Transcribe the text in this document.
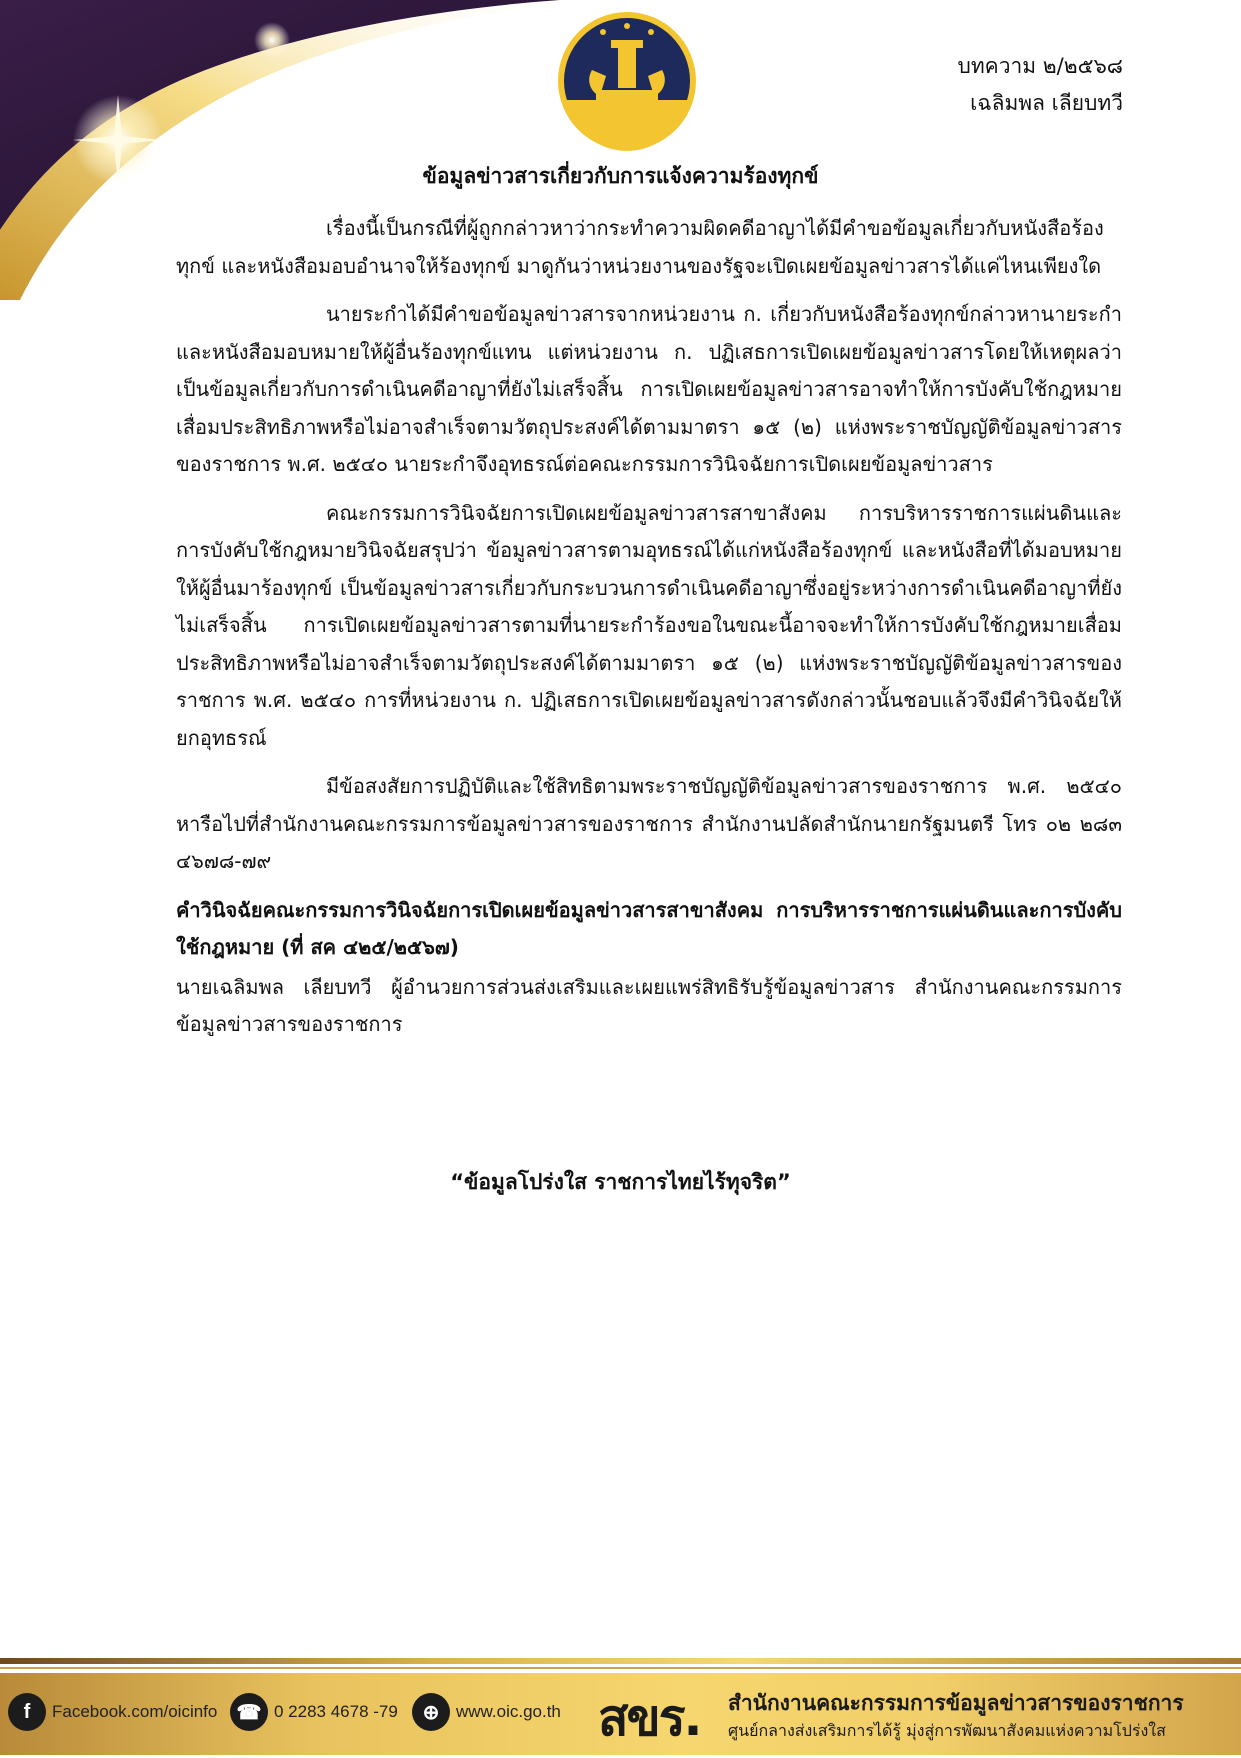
บทความ ๒/๒๕๖๘
เฉลิมพล เลียบทวี
ข้อมูลข่าวสารเกี่ยวกับการแจ้งความร้องทุกข์

เรื่องนี้เป็นกรณีที่ผู้ถูกกล่าวหาว่ากระทำความผิดคดีอาญาได้มีคำขอข้อมูลเกี่ยวกับหนังสือร้องทุกข์ และหนังสือมอบอำนาจให้ร้องทุกข์ มาดูกันว่าหน่วยงานของรัฐจะเปิดเผยข้อมูลข่าวสารได้แค่ไหนเพียงใด

นายระกำได้มีคำขอข้อมูลข่าวสารจากหน่วยงาน ก. เกี่ยวกับหนังสือร้องทุกข์กล่าวหานายระกำ และหนังสือมอบหมายให้ผู้อื่นร้องทุกข์แทน แต่หน่วยงาน ก. ปฏิเสธการเปิดเผยข้อมูลข่าวสารโดยให้เหตุผลว่า เป็นข้อมูลเกี่ยวกับการดำเนินคดีอาญาที่ยังไม่เสร็จสิ้น การเปิดเผยข้อมูลข่าวสารอาจทำให้การบังคับใช้กฎหมายเสื่อมประสิทธิภาพหรือไม่อาจสำเร็จตามวัตถุประสงค์ได้ตามมาตรา ๑๕ (๒) แห่งพระราชบัญญัติข้อมูลข่าวสารของราชการ พ.ศ. ๒๕๔๐ นายระกำจึงอุทธรณ์ต่อคณะกรรมการวินิจฉัยการเปิดเผยข้อมูลข่าวสาร

คณะกรรมการวินิจฉัยการเปิดเผยข้อมูลข่าวสารสาขาสังคม การบริหารราชการแผ่นดินและการบังคับใช้กฎหมายวินิจฉัยสรุปว่า ข้อมูลข่าวสารตามอุทธรณ์ได้แก่หนังสือร้องทุกข์ และหนังสือที่ได้มอบหมายให้ผู้อื่นมาร้องทุกข์ เป็นข้อมูลข่าวสารเกี่ยวกับกระบวนการดำเนินคดีอาญาซึ่งอยู่ระหว่างการดำเนินคดีอาญาที่ยังไม่เสร็จสิ้น การเปิดเผยข้อมูลข่าวสารตามที่นายระกำร้องขอในขณะนี้อาจจะทำให้การบังคับใช้กฎหมายเสื่อมประสิทธิภาพหรือไม่อาจสำเร็จตามวัตถุประสงค์ได้ตามมาตรา ๑๕ (๒) แห่งพระราชบัญญัติข้อมูลข่าวสารของราชการ พ.ศ. ๒๕๔๐ การที่หน่วยงาน ก. ปฏิเสธการเปิดเผยข้อมูลข่าวสารดังกล่าวนั้นชอบแล้วจึงมีคำวินิจฉัยให้ยกอุทธรณ์

มีข้อสงสัยการปฏิบัติและใช้สิทธิตามพระราชบัญญัติข้อมูลข่าวสารของราชการ พ.ศ. ๒๕๔๐ หารือไปที่สำนักงานคณะกรรมการข้อมูลข่าวสารของราชการ สำนักงานปลัดสำนักนายกรัฐมนตรี โทร ๐๒ ๒๘๓ ๔๖๗๘-๗๙

คำวินิจฉัยคณะกรรมการวินิจฉัยการเปิดเผยข้อมูลข่าวสารสาขาสังคม การบริหารราชการแผ่นดินและการบังคับใช้กฎหมาย (ที่ สค ๔๒๕/๒๕๖๗)

นายเฉลิมพล เลียบทวี ผู้อำนวยการส่วนส่งเสริมและเผยแพร่สิทธิรับรู้ข้อมูลข่าวสาร สำนักงานคณะกรรมการข้อมูลข่าวสารของราชการ

“ข้อมูลโปร่งใส ราชการไทยไร้ทุจริต”
f	Facebook.com/oicinfo ☎ 0 2283 4678 -79	⊕ www.oic.go.th สขร. สำนักงานคณะกรรมการข้อมูลข่าวสารของราชการ
ศูนย์กลางส่งเสริมการได้รู้ มุ่งสู่การพัฒนาสังคมแห่งความโปร่งใส
